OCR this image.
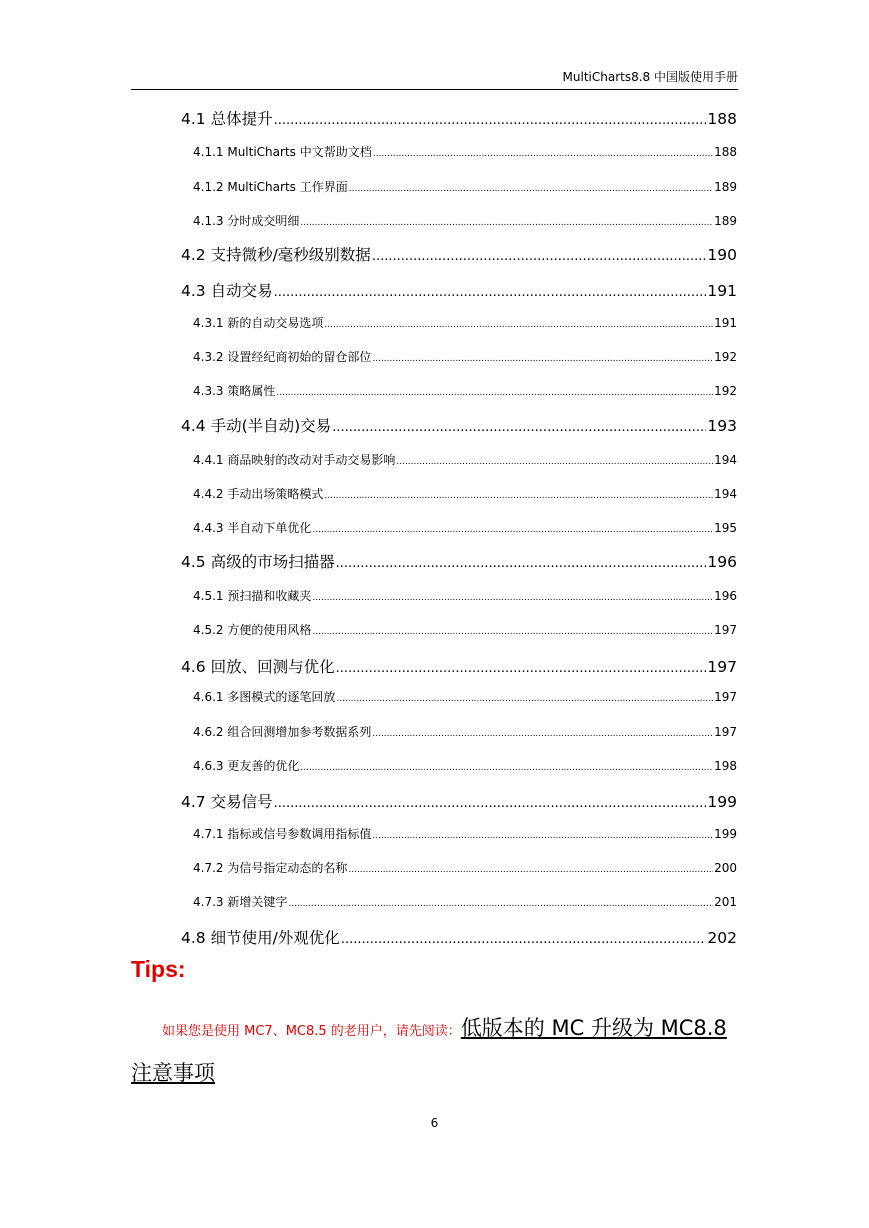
MultiCharts8.8 中国版使用手册
4.1 总体提升 .....	188
4.1.1 MultiCharts 中文帮助文档 .....	188
4.1.2 MultiCharts 工作界面 .....	189
4.1.3 分时成交明细 .....	189
4.2 支持微秒/毫秒级别数据 .....	190
4.3 自动交易 .....	191
4.3.1 新的自动交易选项 .....	191
4.3.2 设置经纪商初始的留仓部位 .....	192
4.3.3 策略属性 .....	192
4.4 手动(半自动)交易 .....	193
4.4.1 商品映射的改动对手动交易影响 .....	194
4.4.2 手动出场策略模式 .....	194
4.4.3 半自动下单优化 .....	195
4.5 高级的市场扫描器 .....	196
4.5.1 预扫描和收藏夹 .....	196
4.5.2 方便的使用风格 .....	197
4.6 回放、回测与优化 .....	197
4.6.1 多图模式的逐笔回放 .....	197
4.6.2 组合回测增加参考数据系列 .....	197
4.6.3 更友善的优化 .....	198
4.7 交易信号 .....	199
4.7.1 指标或信号参数调用指标值 .....	199
4.7.2 为信号指定动态的名称 .....	200
4.7.3 新增关键字 .....	201
4.8 细节使用/外观优化 .....	202
Tips:
如果您是使用 MC7、MC8.5 的老用户，请先阅读：低版本的 MC 升级为 MC8.8
注意事项
6
